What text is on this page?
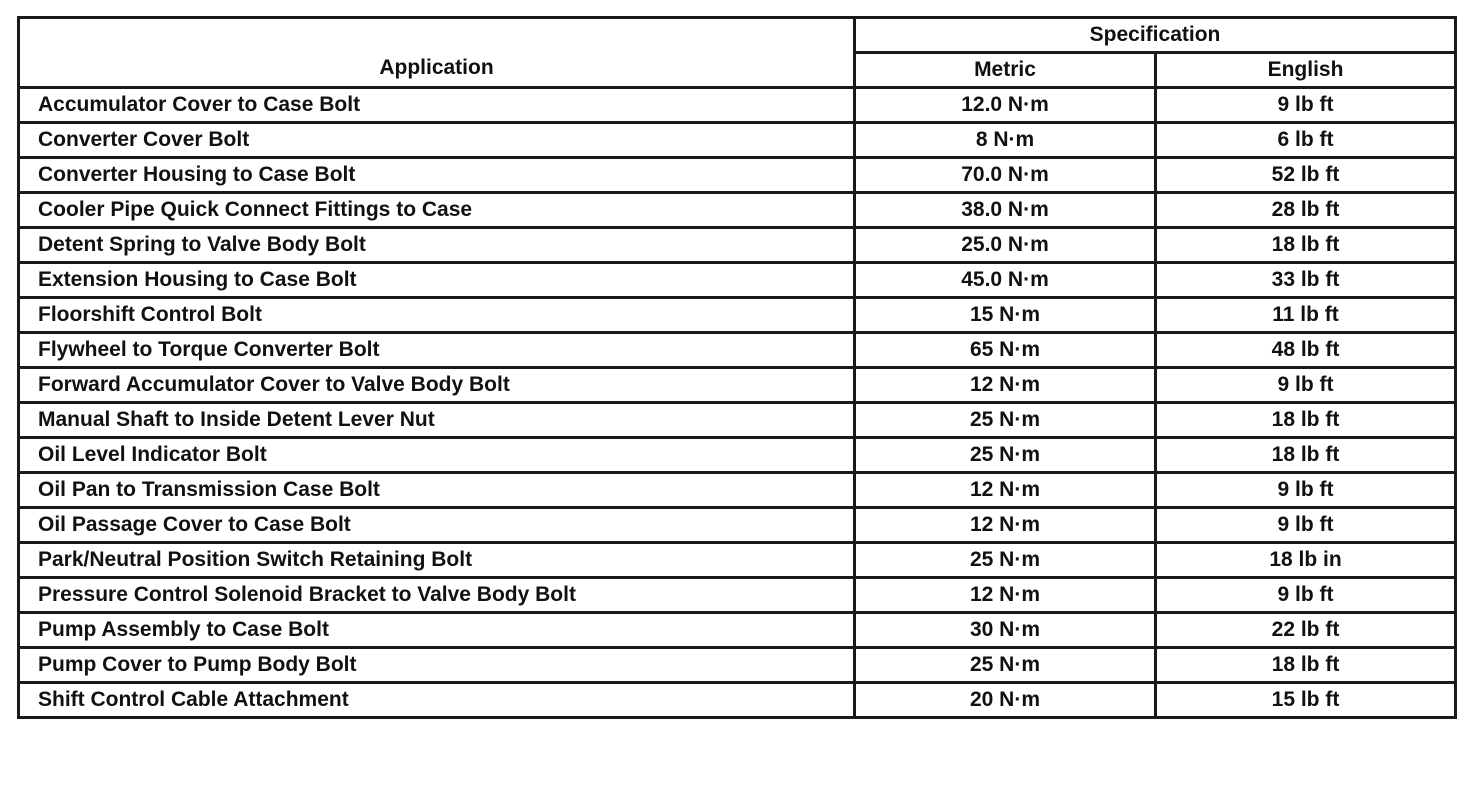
Application	Specification	
	Metric	English
Accumulator Cover to Case Bolt	12.0 N·m	9 lb ft
Converter Cover Bolt	8 N·m	6 lb ft
Converter Housing to Case Bolt	70.0 N·m	52 lb ft
Cooler Pipe Quick Connect Fittings to Case	38.0 N·m	28 lb ft
Detent Spring to Valve Body Bolt	25.0 N·m	18 lb ft
Extension Housing to Case Bolt	45.0 N·m	33 lb ft
Floorshift Control Bolt	15 N·m	11 lb ft
Flywheel to Torque Converter Bolt	65 N·m	48 lb ft
Forward Accumulator Cover to Valve Body Bolt	12 N·m	9 lb ft
Manual Shaft to Inside Detent Lever Nut	25 N·m	18 lb ft
Oil Level Indicator Bolt	25 N·m	18 lb ft
Oil Pan to Transmission Case Bolt	12 N·m	9 lb ft
Oil Passage Cover to Case Bolt	12 N·m	9 lb ft
Park/Neutral Position Switch Retaining Bolt	25 N·m	18 lb in
Pressure Control Solenoid Bracket to Valve Body Bolt	12 N·m	9 lb ft
Pump Assembly to Case Bolt	30 N·m	22 lb ft
Pump Cover to Pump Body Bolt	25 N·m	18 lb ft
Shift Control Cable Attachment	20 N·m	15 lb ft
